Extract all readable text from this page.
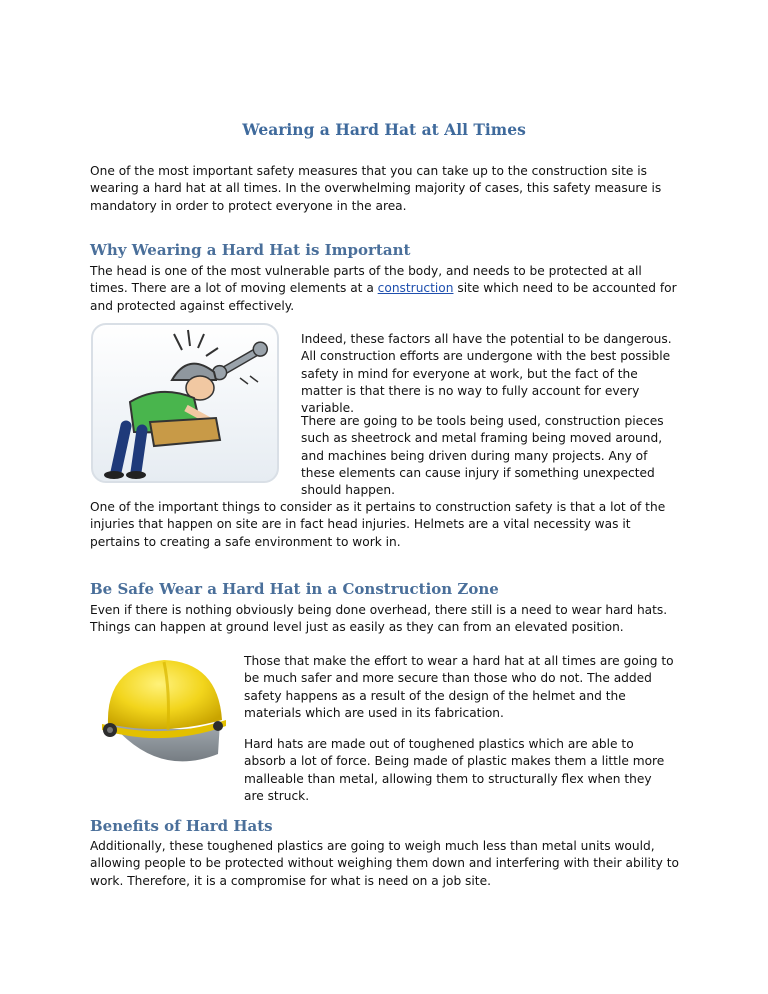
Wearing a Hard Hat at All Times

One of the most important safety measures that you can take up to the construction site is wearing a hard hat at all times. In the overwhelming majority of cases, this safety measure is mandatory in order to protect everyone in the area.

Why Wearing a Hard Hat is Important

The head is one of the most vulnerable parts of the body, and needs to be protected at all times. There are a lot of moving elements at a construction site which need to be accounted for and protected against effectively.

Indeed, these factors all have the potential to be dangerous. All construction efforts are undergone with the best possible safety in mind for everyone at work, but the fact of the matter is that there is no way to fully account for every variable.

There are going to be tools being used, construction pieces such as sheetrock and metal framing being moved around, and machines being driven during many projects. Any of these elements can cause injury if something unexpected should happen.

One of the important things to consider as it pertains to construction safety is that a lot of the injuries that happen on site are in fact head injuries. Helmets are a vital necessity was it pertains to creating a safe environment to work in.

Be Safe Wear a Hard Hat in a Construction Zone

Even if there is nothing obviously being done overhead, there still is a need to wear hard hats. Things can happen at ground level just as easily as they can from an elevated position.

Those that make the effort to wear a hard hat at all times are going to be much safer and more secure than those who do not. The added safety happens as a result of the design of the helmet and the materials which are used in its fabrication.

Hard hats are made out of toughened plastics which are able to absorb a lot of force. Being made of plastic makes them a little more malleable than metal, allowing them to structurally flex when they are struck.

Benefits of Hard Hats

Additionally, these toughened plastics are going to weigh much less than metal units would, allowing people to be protected without weighing them down and interfering with their ability to work. Therefore, it is a compromise for what is need on a job site.
